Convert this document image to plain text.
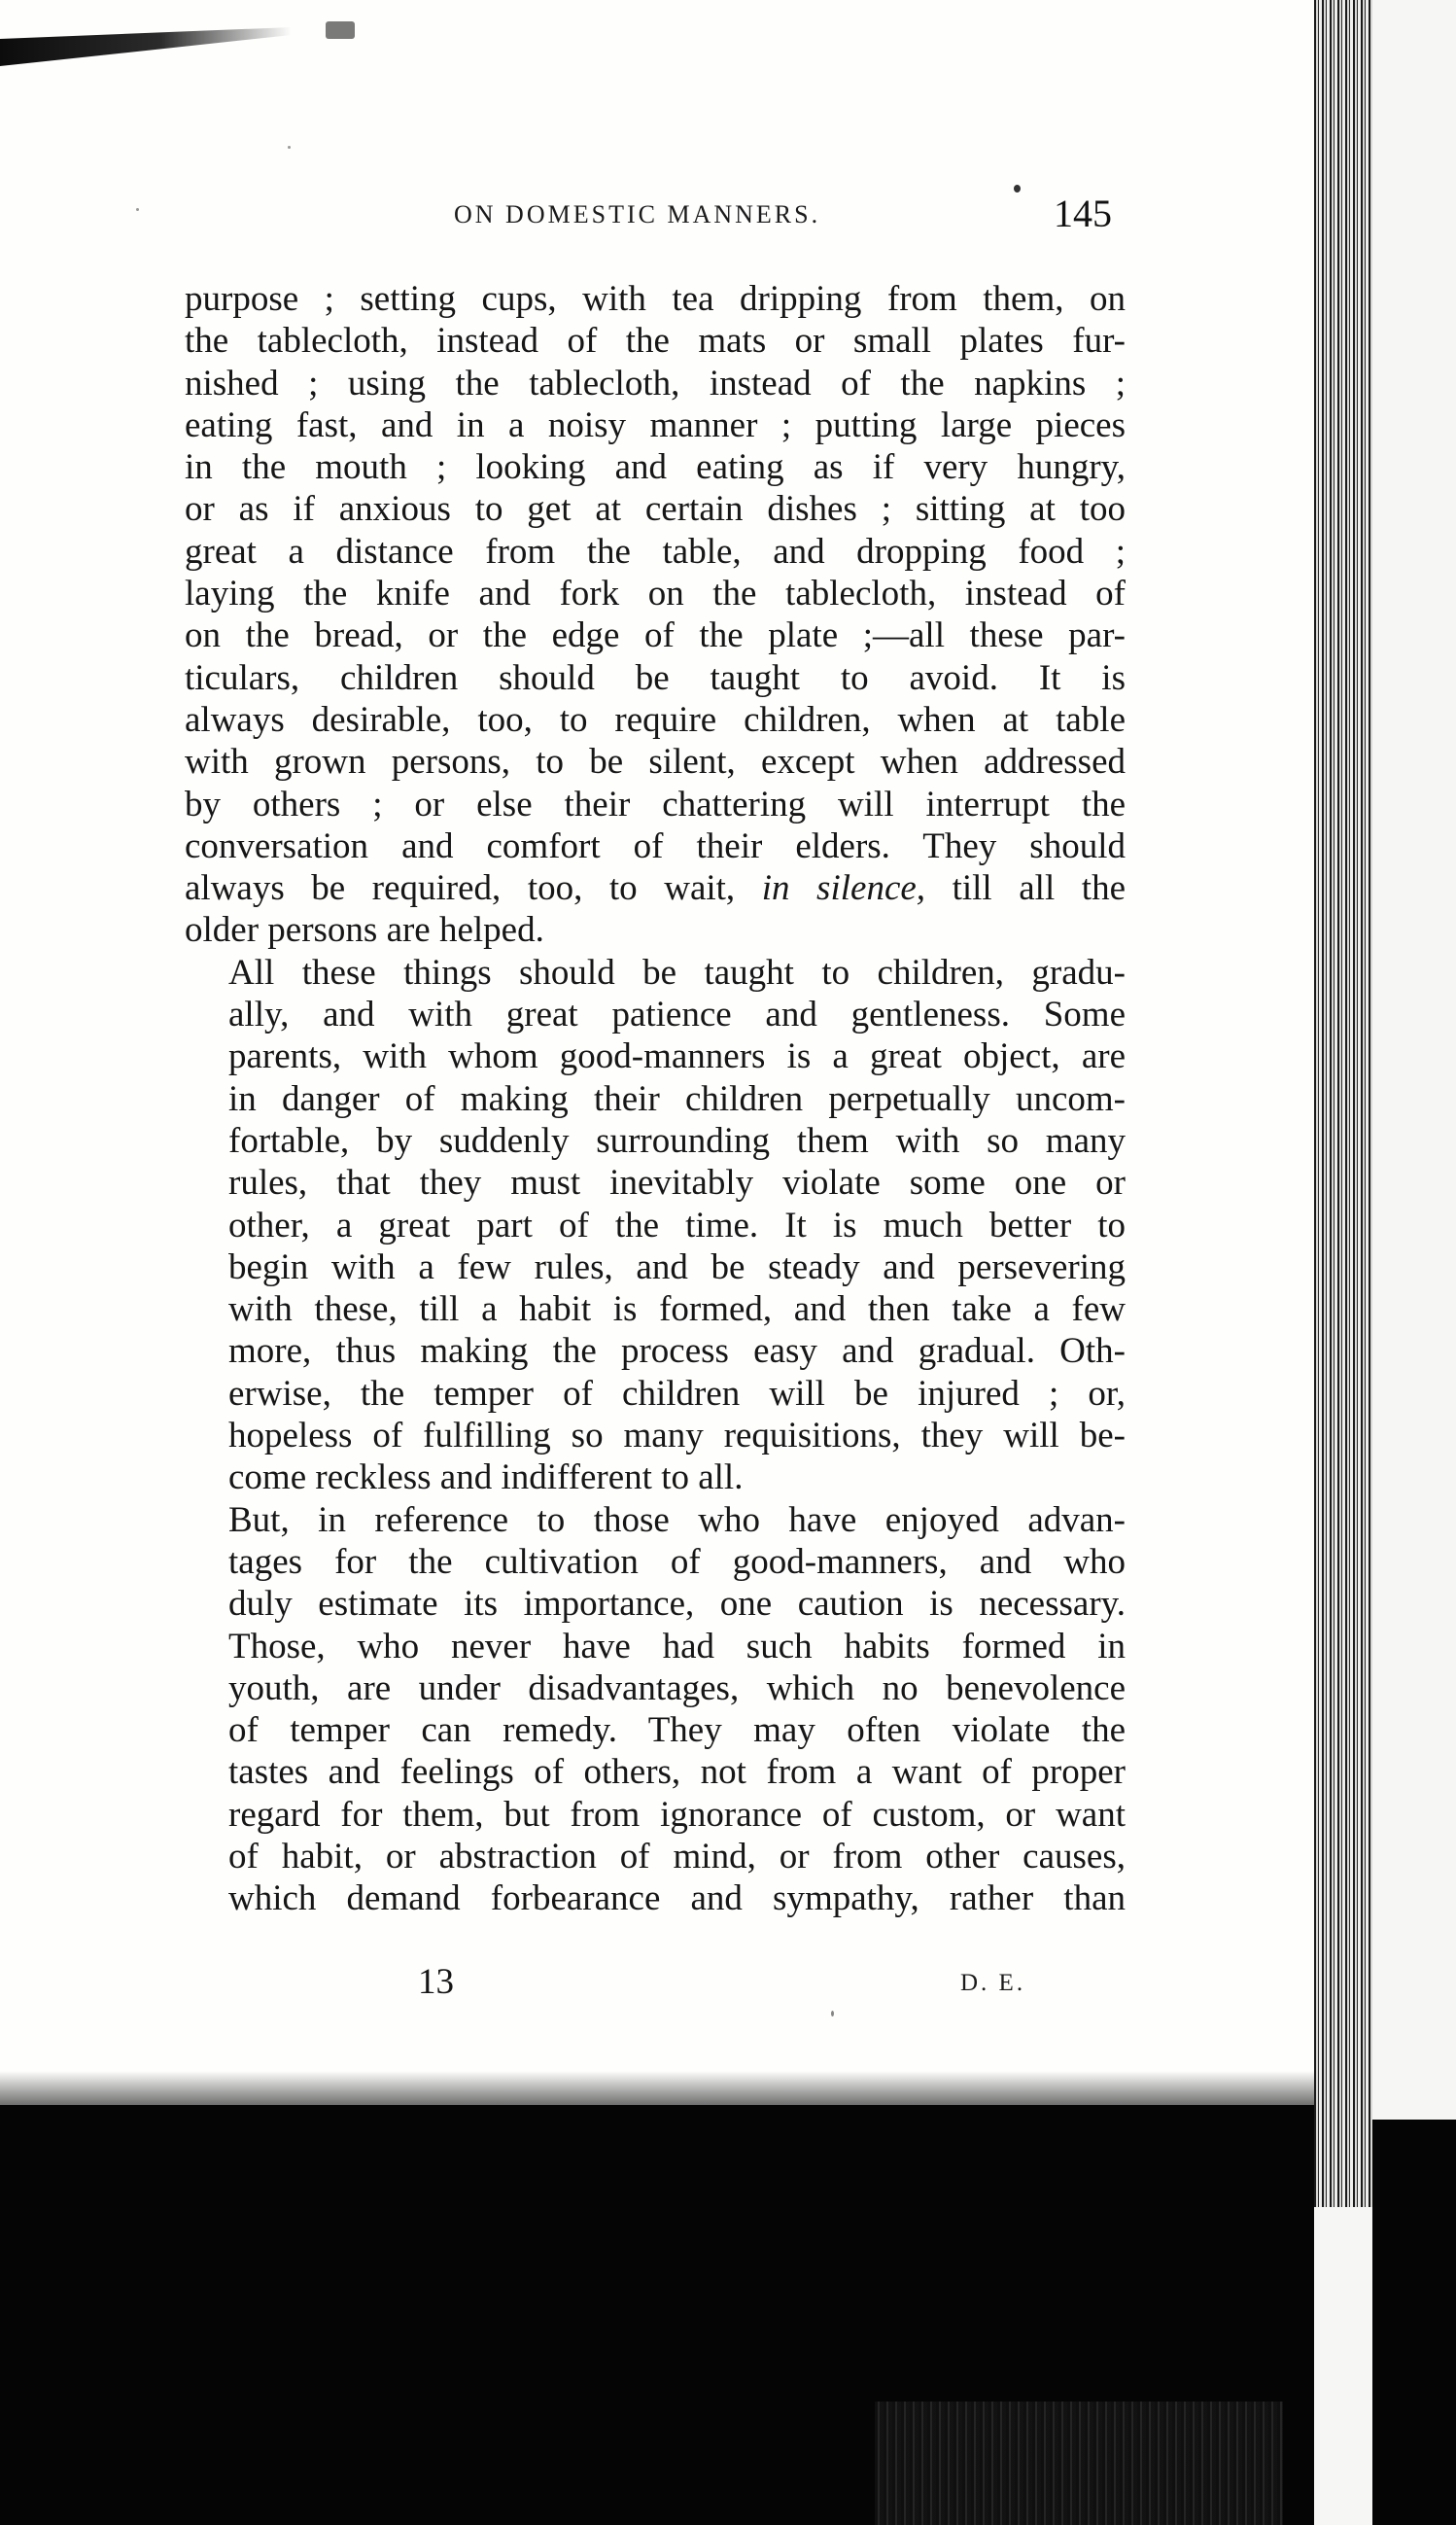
ON DOMESTIC MANNERS.	145

purpose ; setting cups, with tea dripping from them, on
the tablecloth, instead of the mats or small plates fur-
nished ; using the tablecloth, instead of the napkins ;
eating fast, and in a noisy manner ; putting large pieces
in the mouth ; looking and eating as if very hungry,
or as if anxious to get at certain dishes ; sitting at too
great a distance from the table, and dropping food ;
laying the knife and fork on the tablecloth, instead of
on the bread, or the edge of the plate ;—all these par-
ticulars, children should be taught to avoid. It is
always desirable, too, to require children, when at table
with grown persons, to be silent, except when addressed
by others ; or else their chattering will interrupt the
conversation and comfort of their elders. They should
always be required, too, to wait, in silence, till all the
older persons are helped.

All these things should be taught to children, gradu-
ally, and with great patience and gentleness. Some
parents, with whom good-manners is a great object, are
in danger of making their children perpetually uncom-
fortable, by suddenly surrounding them with so many
rules, that they must inevitably violate some one or
other, a great part of the time. It is much better to
begin with a few rules, and be steady and persevering
with these, till a habit is formed, and then take a few
more, thus making the process easy and gradual. Oth-
erwise, the temper of children will be injured ; or,
hopeless of fulfilling so many requisitions, they will be-
come reckless and indifferent to all.

But, in reference to those who have enjoyed advan-
tages for the cultivation of good-manners, and who
duly estimate its importance, one caution is necessary.
Those, who never have had such habits formed in
youth, are under disadvantages, which no benevolence
of temper can remedy. They may often violate the
tastes and feelings of others, not from a want of proper
regard for them, but from ignorance of custom, or want
of habit, or abstraction of mind, or from other causes,
which demand forbearance and sympathy, rather than

13	D. E.
